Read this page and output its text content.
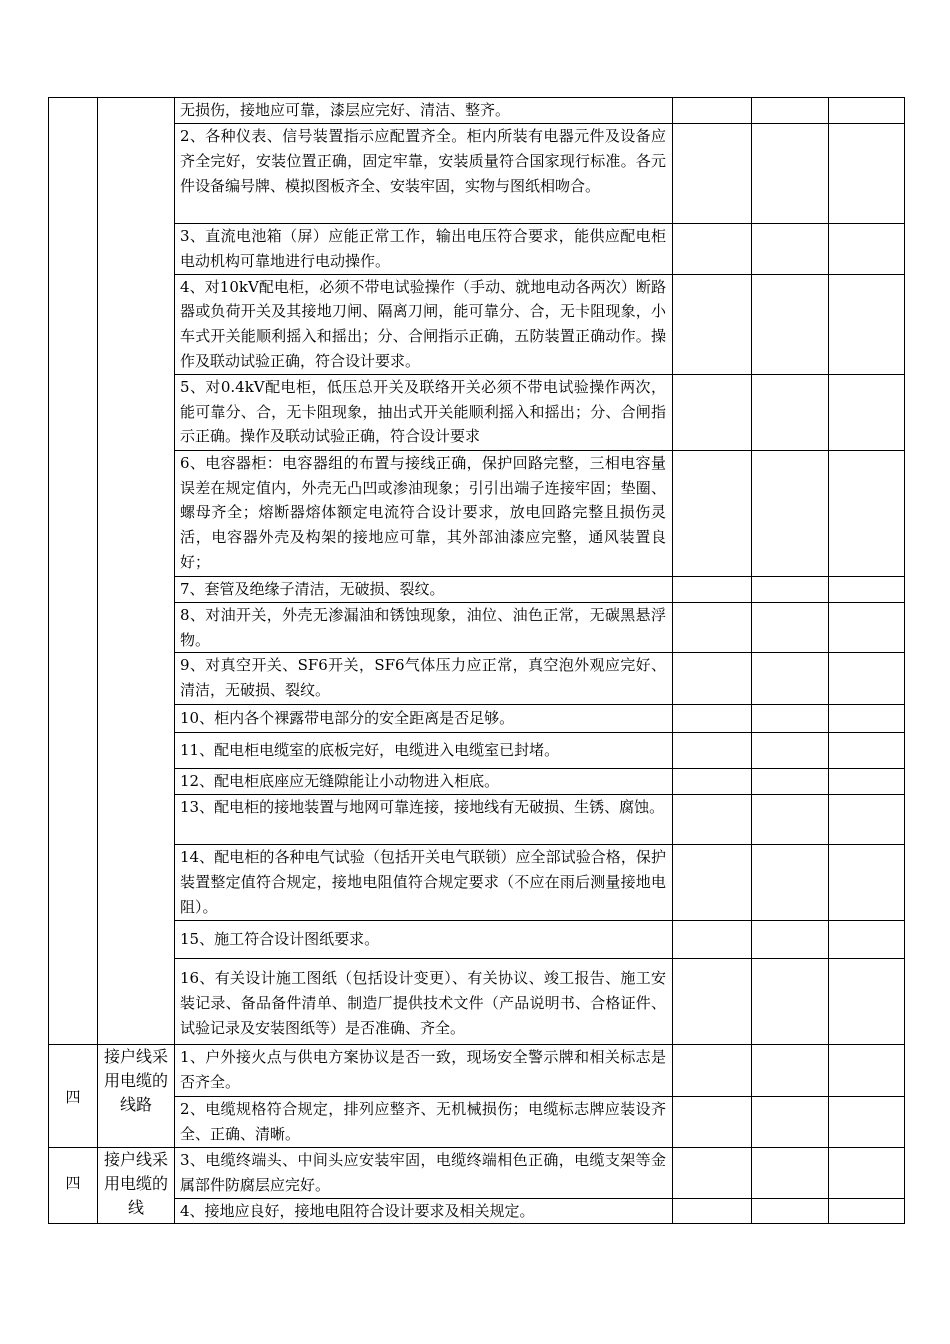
		无损伤，接地应可靠，漆层应完好、清洁、整齐。			
		2、各种仪表、信号装置指示应配置齐全。柜内所装有电器元件及设备应齐全完好，安装位置正确，固定牢靠，安装质量符合国家现行标准。各元件设备编号牌、模拟图板齐全、安装牢固，实物与图纸相吻合。			
		3、直流电池箱（屏）应能正常工作，输出电压符合要求，能供应配电柜电动机构可靠地进行电动操作。			
		4、对10kV配电柜，必须不带电试验操作（手动、就地电动各两次）断路器或负荷开关及其接地刀闸、隔离刀闸，能可靠分、合，无卡阻现象，小车式开关能顺利摇入和摇出；分、合闸指示正确，五防装置正确动作。操作及联动试验正确，符合设计要求。			
		5、对0.4kV配电柜，低压总开关及联络开关必须不带电试验操作两次，能可靠分、合，无卡阻现象，抽出式开关能顺利摇入和摇出；分、合闸指示正确。操作及联动试验正确，符合设计要求			
		6、电容器柜：电容器组的布置与接线正确，保护回路完整，三相电容量误差在规定值内，外壳无凸凹或渗油现象；引引出端子连接牢固；垫圈、螺母齐全；熔断器熔体额定电流符合设计要求，放电回路完整且损伤灵活，电容器外壳及构架的接地应可靠，其外部油漆应完整，通风装置良好；			
		7、套管及绝缘子清洁，无破损、裂纹。			
		8、对油开关，外壳无渗漏油和锈蚀现象，油位、油色正常，无碳黑悬浮物。			
		9、对真空开关、SF6开关，SF6气体压力应正常，真空泡外观应完好、清洁，无破损、裂纹。			
		10、柜内各个裸露带电部分的安全距离是否足够。			
		11、配电柜电缆室的底板完好，电缆进入电缆室已封堵。			
		12、配电柜底座应无缝隙能让小动物进入柜底。			
		13、配电柜的接地装置与地网可靠连接，接地线有无破损、生锈、腐蚀。			
		14、配电柜的各种电气试验（包括开关电气联锁）应全部试验合格，保护装置整定值符合规定，接地电阻值符合规定要求（不应在雨后测量接地电阻）。			
		15、施工符合设计图纸要求。			
		16、有关设计施工图纸（包括设计变更）、有关协议、竣工报告、施工安装记录、备品备件清单、制造厂提供技术文件（产品说明书、合格证件、试验记录及安装图纸等）是否准确、齐全。			
四	接户线采用电缆的线路	1、户外接火点与供电方案协议是否一致，现场安全警示牌和相关标志是否齐全。			
		2、电缆规格符合规定，排列应整齐、无机械损伤；电缆标志牌应装设齐全、正确、清晰。			
四	接户线采用电缆的线	3、电缆终端头、中间头应安装牢固，电缆终端相色正确，电缆支架等金属部件防腐层应完好。			
		4、接地应良好，接地电阻符合设计要求及相关规定。			
